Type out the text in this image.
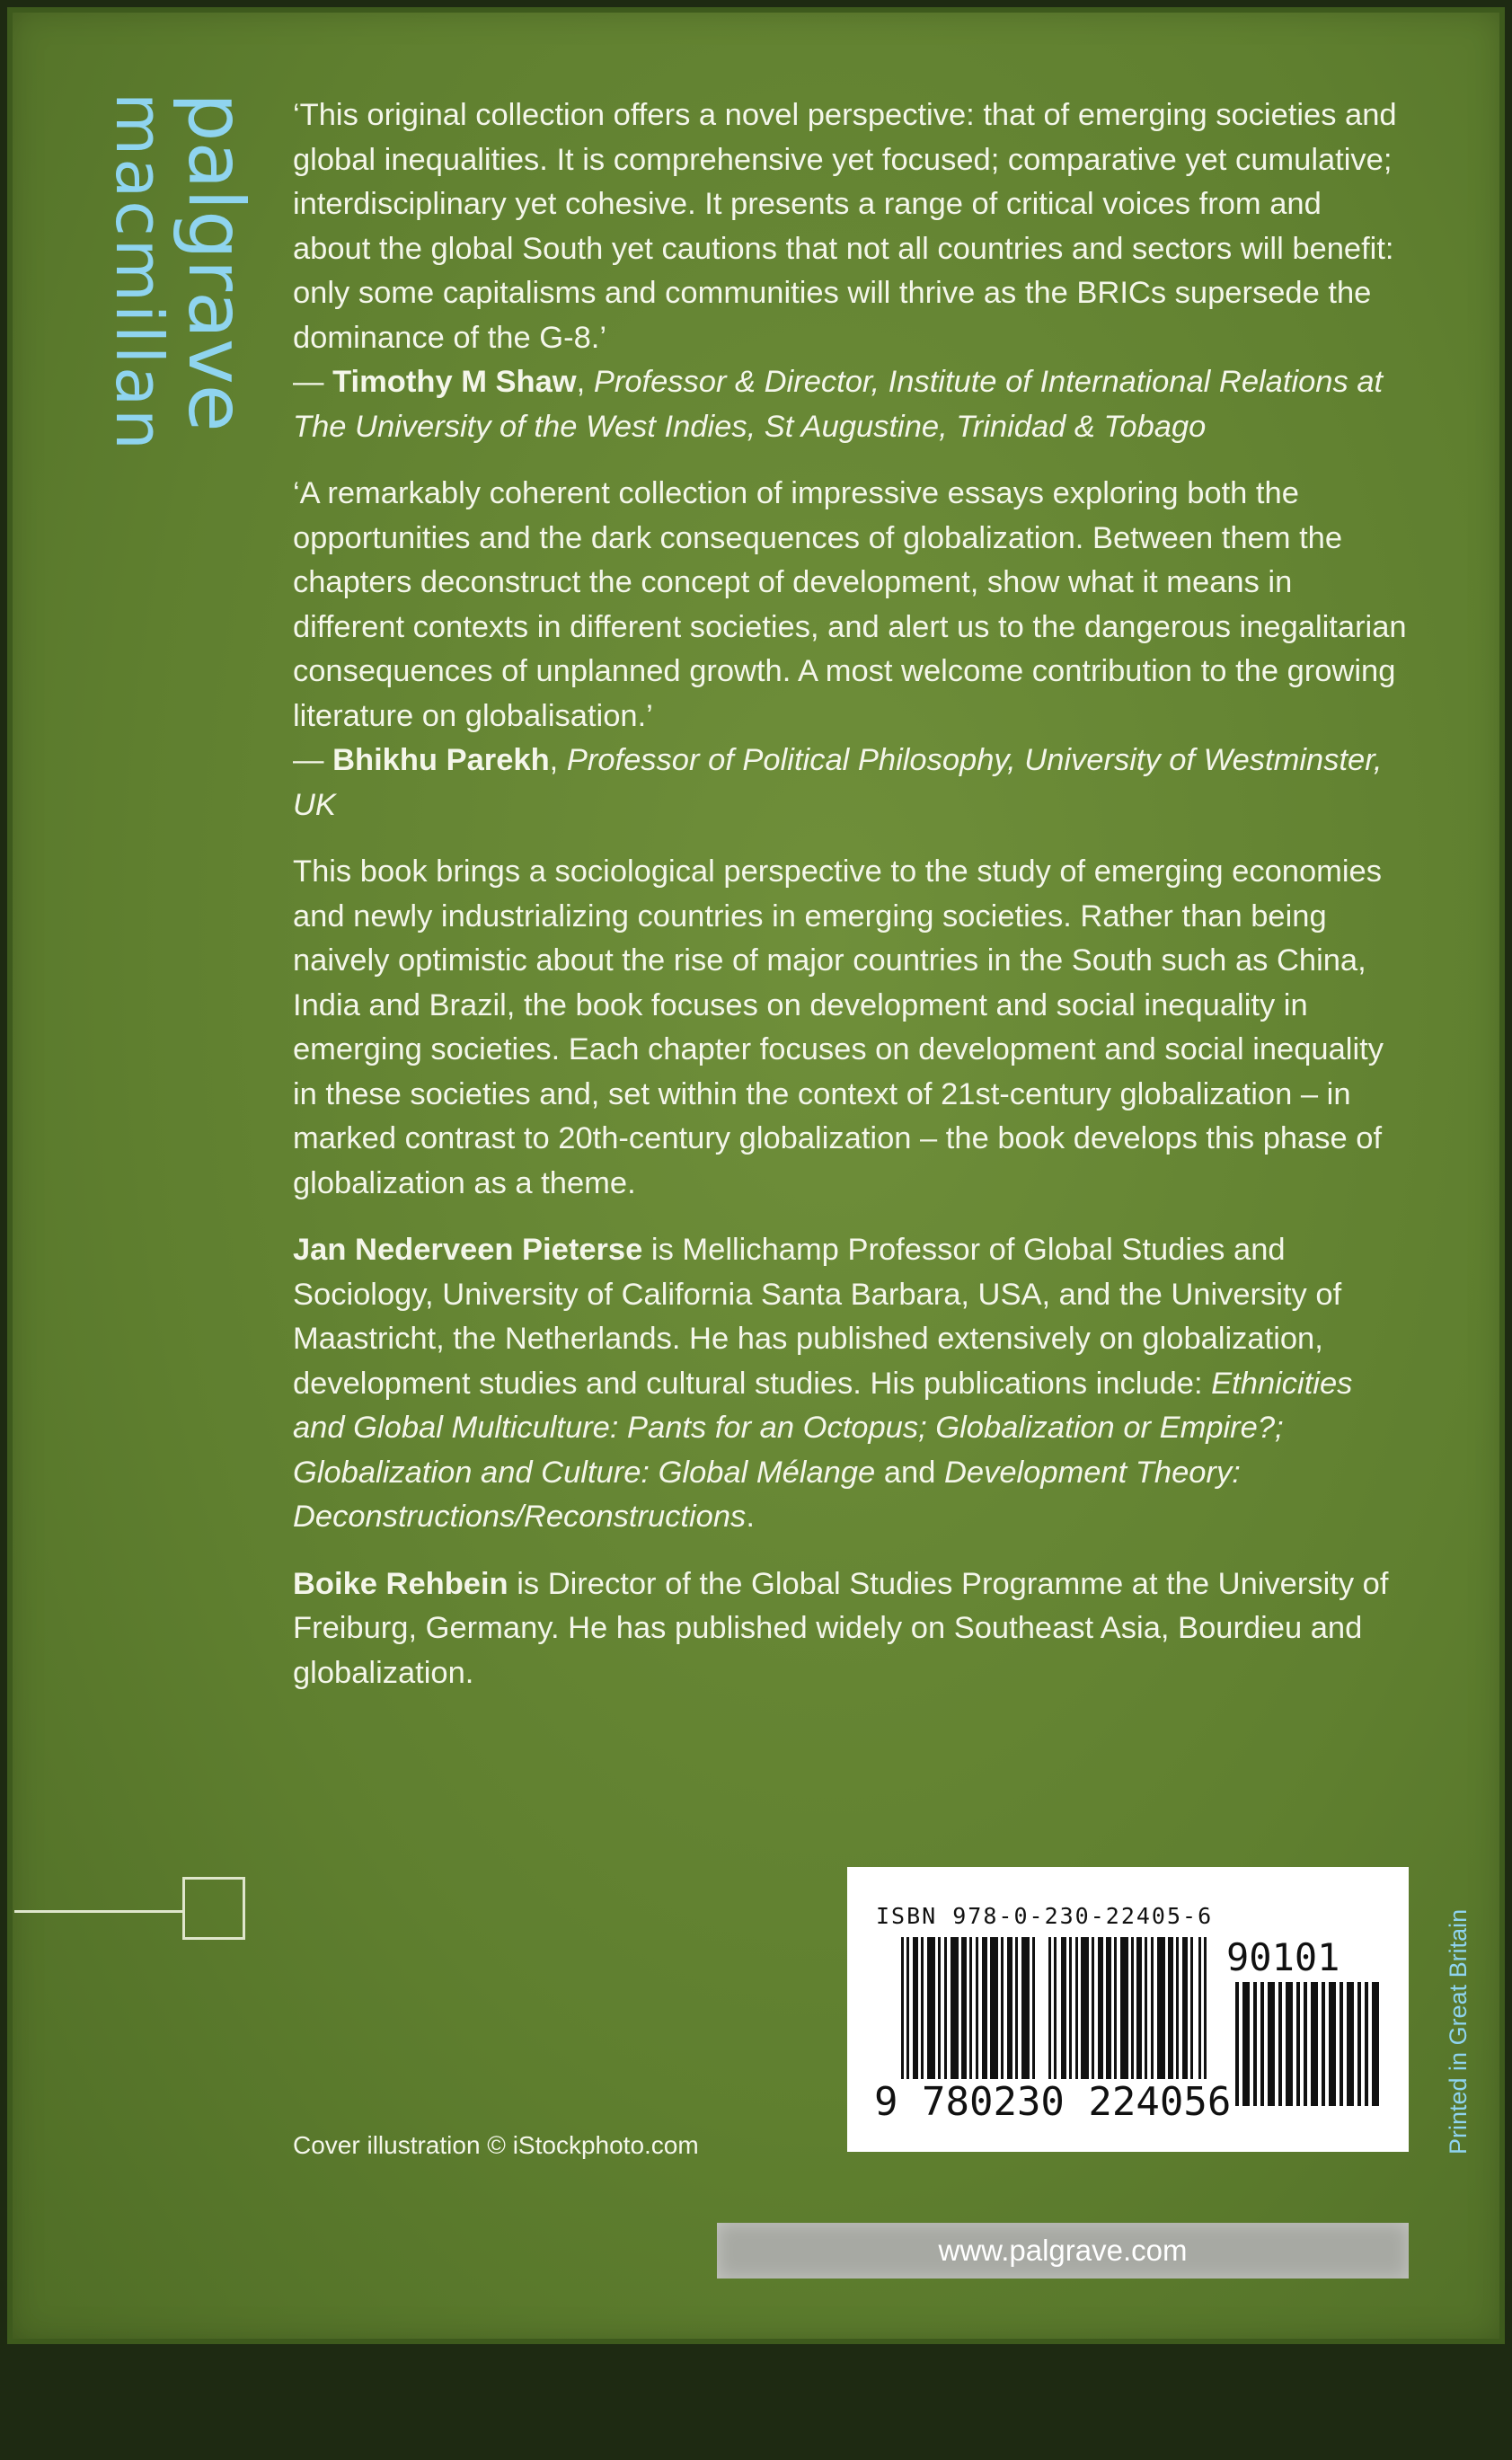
palgrave
macmillan	‘This original collection offers a novel perspective: that of emerging societies and global inequalities. It is comprehensive yet focused; comparative yet cumulative; interdisciplinary yet cohesive. It presents a range of critical voices from and about the global South yet cautions that not all countries and sectors will benefit: only some capitalisms and communities will thrive as the BRICs supersede the dominance of the G-8.’
— Timothy M Shaw, Professor & Director, Institute of International Relations at The University of the West Indies, St Augustine, Trinidad & Tobago

‘A remarkably coherent collection of impressive essays exploring both the opportunities and the dark consequences of globalization. Between them the chapters deconstruct the concept of development, show what it means in different contexts in different societies, and alert us to the dangerous inegalitarian consequences of unplanned growth. A most welcome contribution to the growing literature on globalisation.’
— Bhikhu Parekh, Professor of Political Philosophy, University of Westminster, UK

This book brings a sociological perspective to the study of emerging economies and newly industrializing countries in emerging societies. Rather than being naively optimistic about the rise of major countries in the South such as China, India and Brazil, the book focuses on development and social inequality in emerging societies. Each chapter focuses on development and social inequality in these societies and, set within the context of 21st-century globalization – in marked contrast to 20th-century globalization – the book develops this phase of globalization as a theme.

Jan Nederveen Pieterse is Mellichamp Professor of Global Studies and Sociology, University of California Santa Barbara, USA, and the University of Maastricht, the Netherlands. He has published extensively on globalization, development studies and cultural studies. His publications include: Ethnicities and Global Multiculture: Pants for an Octopus; Globalization or Empire?; Globalization and Culture: Global Mélange and Development Theory: Deconstructions/Reconstructions.

Boike Rehbein is Director of the Global Studies Programme at the University of Freiburg, Germany. He has published widely on Southeast Asia, Bourdieu and globalization.

Cover illustration © iStockphoto.com
ISBN 978-0-230-22405-6
9 780230 224056
90101	Printed in Great Britain
www.palgrave.com
